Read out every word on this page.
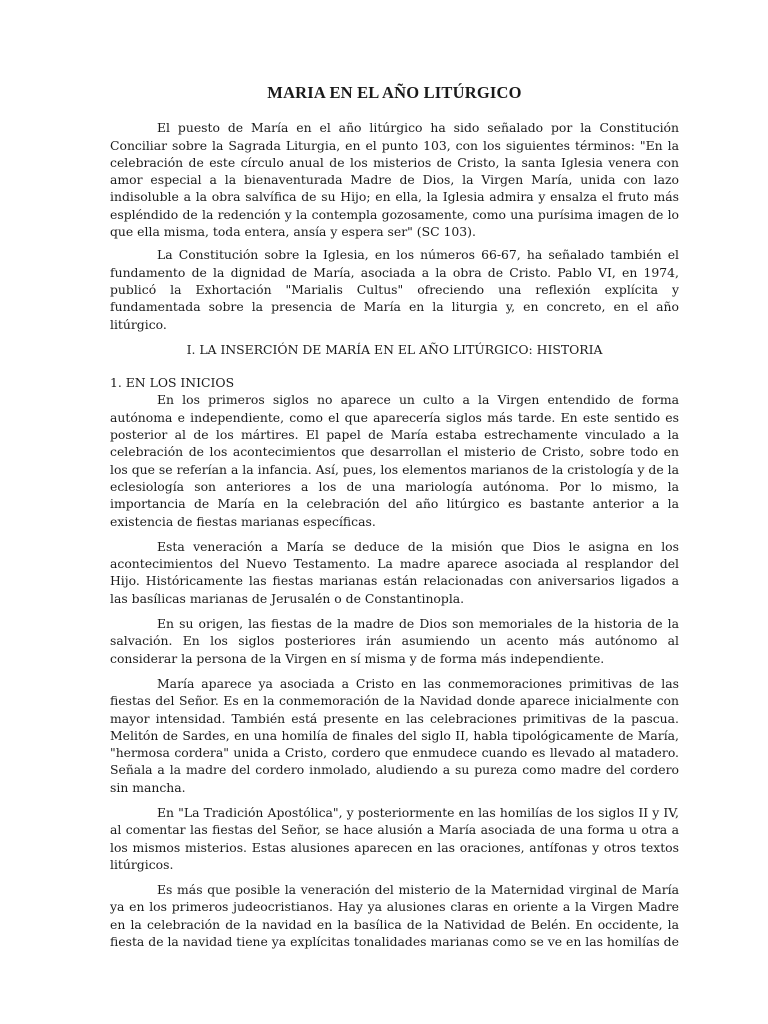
MARIA EN EL AÑO LITÚRGICO

El puesto de María en el año litúrgico ha sido señalado por la Constitución Conciliar sobre la Sagrada Liturgia, en el punto 103, con los siguientes términos: "En la celebración de este círculo anual de los misterios de Cristo, la santa Iglesia venera con amor especial a la bienaventurada Madre de Dios, la Virgen María, unida con lazo indisoluble a la obra salvífica de su Hijo; en ella, la Iglesia admira y ensalza el fruto más espléndido de la redención y la contempla gozosamente, como una purísima imagen de lo que ella misma, toda entera, ansía y espera ser" (SC 103).

La Constitución sobre la Iglesia, en los números 66-67, ha señalado también el fundamento de la dignidad de María, asociada a la obra de Cristo. Pablo VI, en 1974, publicó la Exhortación "Marialis Cultus" ofreciendo una reflexión explícita y fundamentada sobre la presencia de María en la liturgia y, en concreto, en el año litúrgico.

I. LA INSERCIÓN DE MARÍA EN EL AÑO LITÚRGICO: HISTORIA
1. EN LOS INICIOS

En los primeros siglos no aparece un culto a la Virgen entendido de forma autónoma e independiente, como el que aparecería siglos más tarde. En este sentido es posterior al de los mártires. El papel de María estaba estrechamente vinculado a la celebración de los acontecimientos que desarrollan el misterio de Cristo, sobre todo en los que se referían a la infancia. Así, pues, los elementos marianos de la cristología y de la eclesiología son anteriores a los de una mariología autónoma. Por lo mismo, la importancia de María en la celebración del año litúrgico es bastante anterior a la existencia de fiestas marianas específicas.

Esta veneración a María se deduce de la misión que Dios le asigna en los acontecimientos del Nuevo Testamento. La madre aparece asociada al resplandor del Hijo. Históricamente las fiestas marianas están relacionadas con aniversarios ligados a las basílicas marianas de Jerusalén o de Constantinopla.

En su origen, las fiestas de la madre de Dios son memoriales de la historia de la salvación. En los siglos posteriores irán asumiendo un acento más autónomo al considerar la persona de la Virgen en sí misma y de forma más independiente.

María aparece ya asociada a Cristo en las conmemoraciones primitivas de las fiestas del Señor. Es en la conmemoración de la Navidad donde aparece inicialmente con mayor intensidad. También está presente en las celebraciones primitivas de la pascua. Melitón de Sardes, en una homilía de finales del siglo II, habla tipológicamente de María, "hermosa cordera" unida a Cristo, cordero que enmudece cuando es llevado al matadero. Señala a la madre del cordero inmolado, aludiendo a su pureza como madre del cordero sin mancha.

En "La Tradición Apostólica", y posteriormente en las homilías de los siglos II y IV, al comentar las fiestas del Señor, se hace alusión a María asociada de una forma u otra a los mismos misterios. Estas alusiones aparecen en las oraciones, antífonas y otros textos litúrgicos.

Es más que posible la veneración del misterio de la Maternidad virginal de María ya en los primeros judeocristianos. Hay ya alusiones claras en oriente a la Virgen Madre en la celebración de la navidad en la basílica de la Natividad de Belén. En occidente, la fiesta de la navidad tiene ya explícitas tonalidades marianas como se ve en las homilías de
